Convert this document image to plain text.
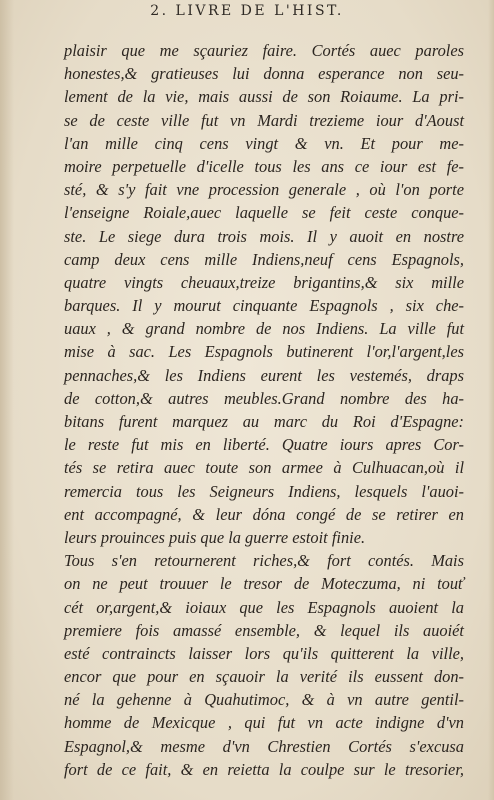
2. LIVRE DE L'HIST.
plaisir que me sçauriez faire. Cortés auec paroles
honestes,& gratieuses lui donna esperance non seu-
lement de la vie, mais aussi de son Roiaume. La pri-
se de ceste ville fut vn Mardi trezieme iour d'Aoust
l'an mille cinq cens vingt & vn. Et pour me-
moire perpetuelle d'icelle tous les ans ce iour est fe-
sté, & s'y fait vne procession generale , où l'on porte
l'enseigne Roiale,auec laquelle se feit ceste conque-
ste. Le siege dura trois mois. Il y auoit en nostre
camp deux cens mille Indiens,neuf cens Espagnols,
quatre vingts cheuaux,treize brigantins,& six mille
barques. Il y mourut cinquante Espagnols , six che-
uaux , & grand nombre de nos Indiens. La ville fut
mise à sac. Les Espagnols butinerent l'or,l'argent,les
pennaches,& les Indiens eurent les vestemés, draps
de cotton,& autres meubles.Grand nombre des ha-
bitans furent marquez au marc du Roi d'Espagne:
le reste fut mis en liberté. Quatre iours apres Cor-
tés se retira auec toute son armee à Culhuacan,où il
remercia tous les Seigneurs Indiens, lesquels l'auoi-
ent accompagné, & leur dóna congé de se retirer en
leurs prouinces puis que la guerre estoit finie.
Tous s'en retournerent riches,& fort contés. Mais
on ne peut trouuer le tresor de Moteczuma, ni touť
cét or,argent,& ioiaux que les Espagnols auoient la
premiere fois amassé ensemble, & lequel ils auoiét
esté contraincts laisser lors qu'ils quitterent la ville,
encor que pour en sçauoir la verité ils eussent don-
né la gehenne à Quahutimoc, & à vn autre gentil-
homme de Mexicque , qui fut vn acte indigne d'vn
Espagnol,& mesme d'vn Chrestien Cortés s'excusa
fort de ce fait, & en reietta la coulpe sur le tresorier,
